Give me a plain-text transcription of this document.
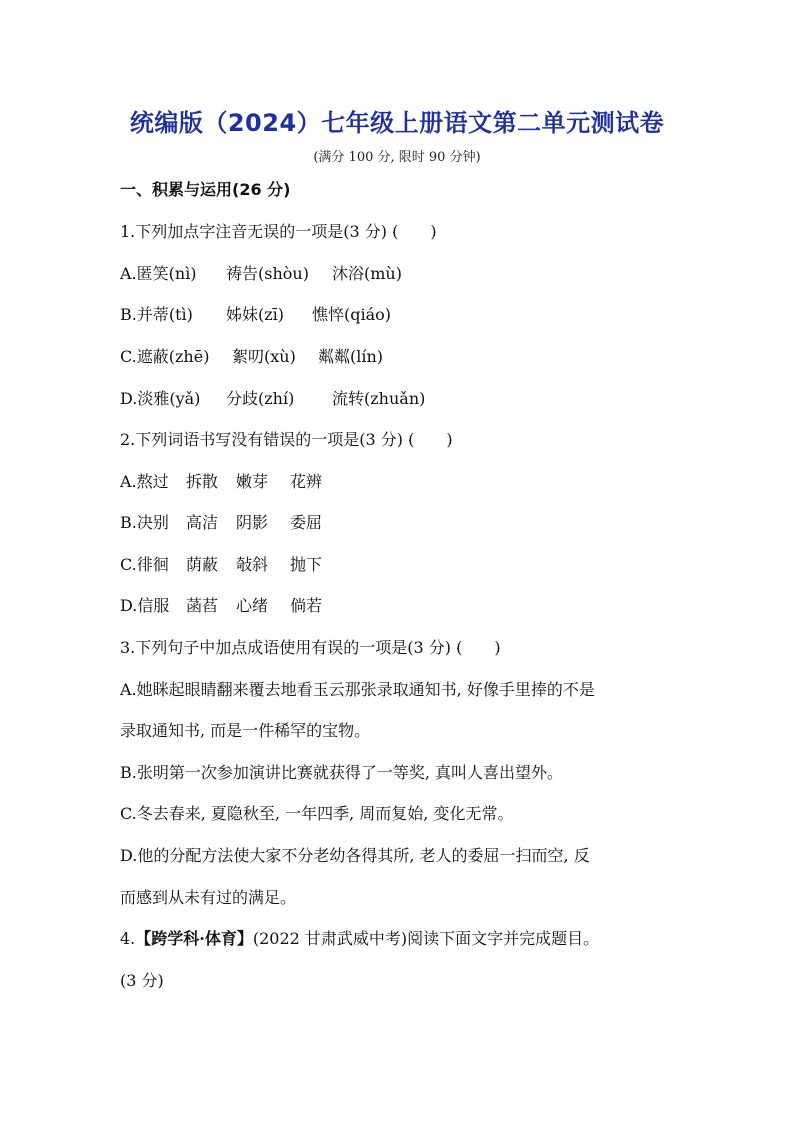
统编版（2024）七年级上册语文第二单元测试卷
(满分 100 分, 限时 90 分钟)
一、积累与运用(26 分)
1.下列加点字注音无误的一项是(3 分) (　　)
A.匿笑(nì) 祷告(shòu) 沐浴(mù)
B.并蒂(tì) 姊妹(zī) 憔悴(qiáo)
C.遮蔽(zhē) 絮叨(xù) 粼粼(lín)
D.淡雅(yǎ) 分歧(zhí) 流转(zhuǎn)
2.下列词语书写没有错误的一项是(3 分) (　　)
A.熬过 拆散 嫩芽 花辨
B.决别 高洁 阴影 委屈
C.徘徊 荫蔽 敧斜 抛下
D.信服 菡萏 心绪 倘若
3.下列句子中加点成语使用有误的一项是(3 分) (　　)
A.她眯起眼睛翻来覆去地看玉云那张录取通知书, 好像手里捧的不是
录取通知书, 而是一件稀罕的宝物。
B.张明第一次参加演讲比赛就获得了一等奖, 真叫人喜出望外。
C.冬去春来, 夏隐秋至, 一年四季, 周而复始, 变化无常。
D.他的分配方法使大家不分老幼各得其所, 老人的委屈一扫而空, 反
而感到从未有过的满足。
4.【跨学科·体育】(2022 甘肃武威中考)阅读下面文字并完成题目。
(3 分)
